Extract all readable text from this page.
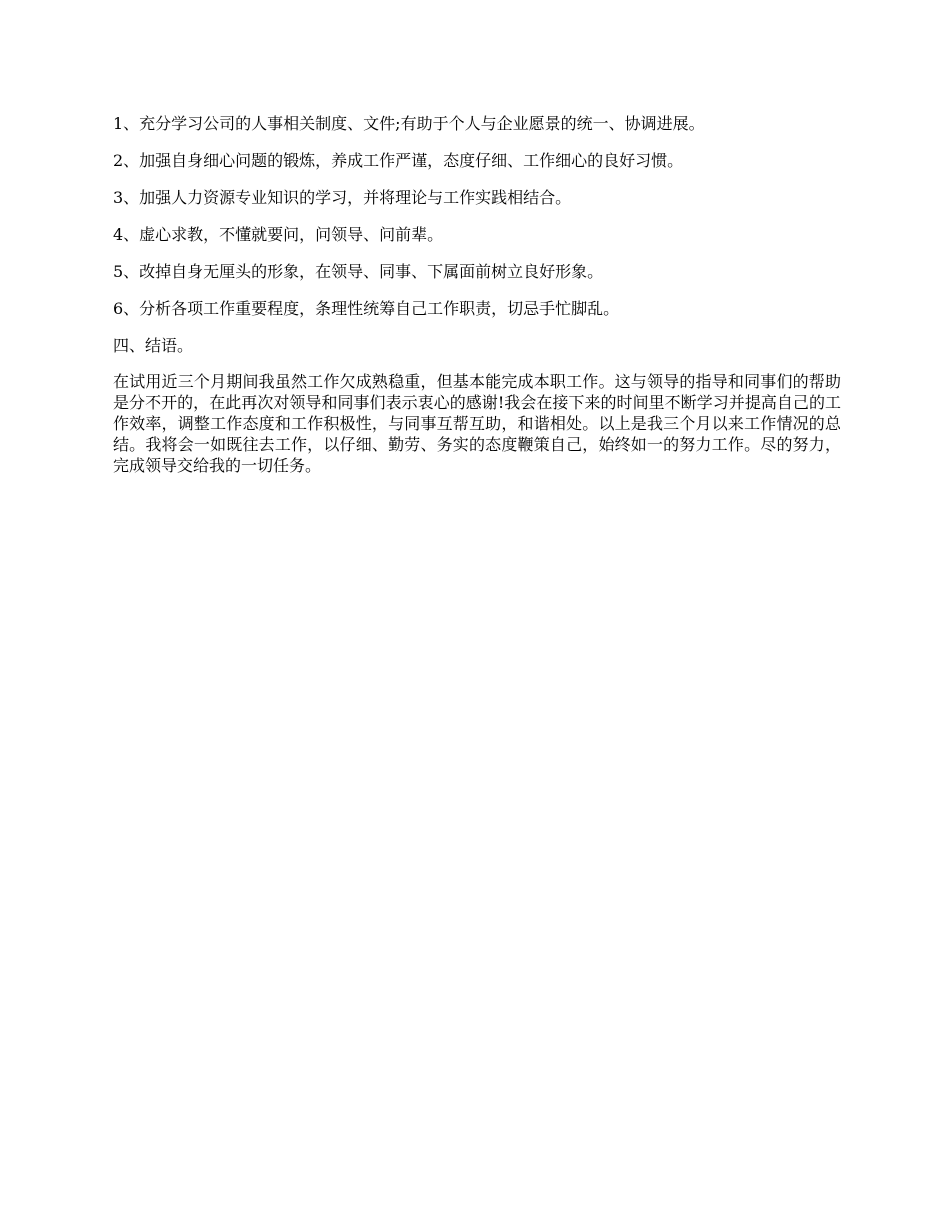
1、充分学习公司的人事相关制度、文件;有助于个人与企业愿景的统一、协调进展。
2、加强自身细心问题的锻炼，养成工作严谨，态度仔细、工作细心的良好习惯。
3、加强人力资源专业知识的学习，并将理论与工作实践相结合。
4、虚心求教，不懂就要问，问领导、问前辈。
5、改掉自身无厘头的形象，在领导、同事、下属面前树立良好形象。
6、分析各项工作重要程度，条理性统筹自己工作职责，切忌手忙脚乱。
四、结语。
在试用近三个月期间我虽然工作欠成熟稳重，但基本能完成本职工作。这与领导的指导和同事们的帮助是分不开的，在此再次对领导和同事们表示衷心的感谢!我会在接下来的时间里不断学习并提高自己的工作效率，调整工作态度和工作积极性，与同事互帮互助，和谐相处。以上是我三个月以来工作情况的总结。我将会一如既往去工作，以仔细、勤劳、务实的态度鞭策自己，始终如一的努力工作。尽的努力，完成领导交给我的一切任务。
